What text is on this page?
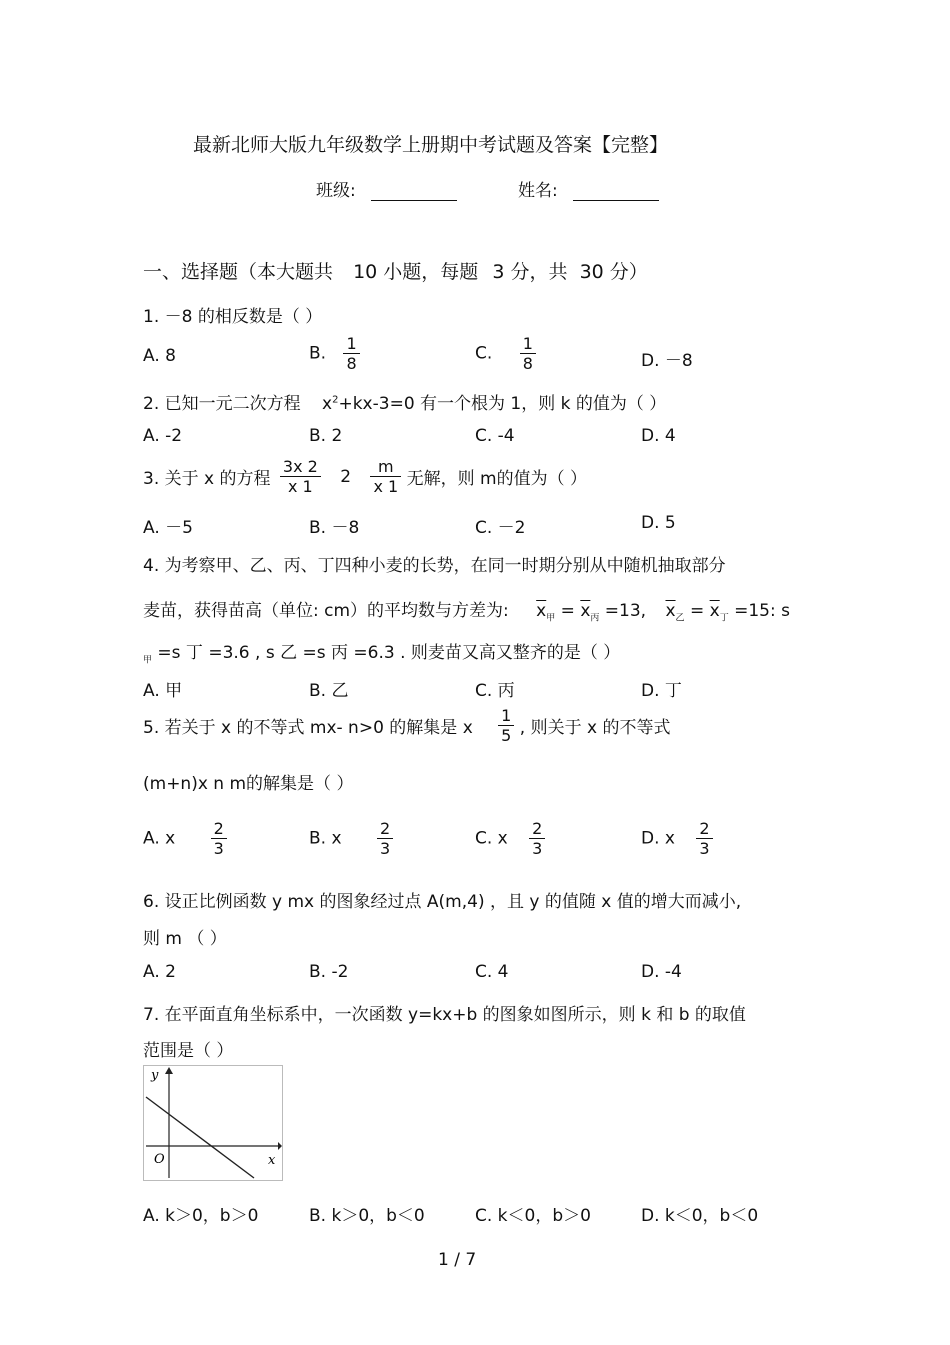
最新北师大版九年级数学上册期中考试题及答案【完整】
班级:	姓名:
一、选择题（本大题共 10 小题，每题 3 分，共 30 分）
1. －8 的相反数是（ ）
A. 8	B. $\frac{1}{8}$	C. $\frac{1}{8}$	D. －8
2. 已知一元二次方程 $x^2+kx-3=0$ 有一个根为 1，则 k 的值为（ ）
A. -2	B. 2	C. -4	D. 4
3. 关于 x 的方程 $\frac{3x 2}{x 1} 2 \frac{m}{x 1}$ 无解，则 m的值为（ ）
A. －5	B. －8	C. －2	D. 5
4. 为考察甲、乙、丙、丁四种小麦的长势，在同一时期分别从中随机抽取部分
麦苗，获得苗高（单位: cm）的平均数与方差为: $\overline{x}_甲 = \overline{x}_丙 =13$, $\overline{x}_乙 = \overline{x}_丁 =15$: s
$_甲$ =s 丁 =3.6 , s 乙 =s 丙 =6.3 . 则麦苗又高又整齐的是（ ）
A. 甲	B. 乙	C. 丙	D. 丁
5. 若关于 x 的不等式 mx- n>0 的解集是 x $\frac{1}{5}$ , 则关于 x 的不等式
(m+n)x n m的解集是（ ）
A. x $\frac{2}{3}$	B. x $\frac{2}{3}$	C. x $\frac{2}{3}$	D. x $\frac{2}{3}$
6. 设正比例函数 y mx 的图象经过点 A(m,4) ，且 y 的值随 x 值的增大而减小,
则 m （ ）
A. 2	B. -2	C. 4	D. -4
7. 在平面直角坐标系中，一次函数 y=kx+b 的图象如图所示，则 k 和 b 的取值
范围是（ ）
x
y
O
A. k＞0，b＞0	B. k＞0，b＜0	C. k＜0，b＞0	D. k＜0，b＜0
1 / 7
